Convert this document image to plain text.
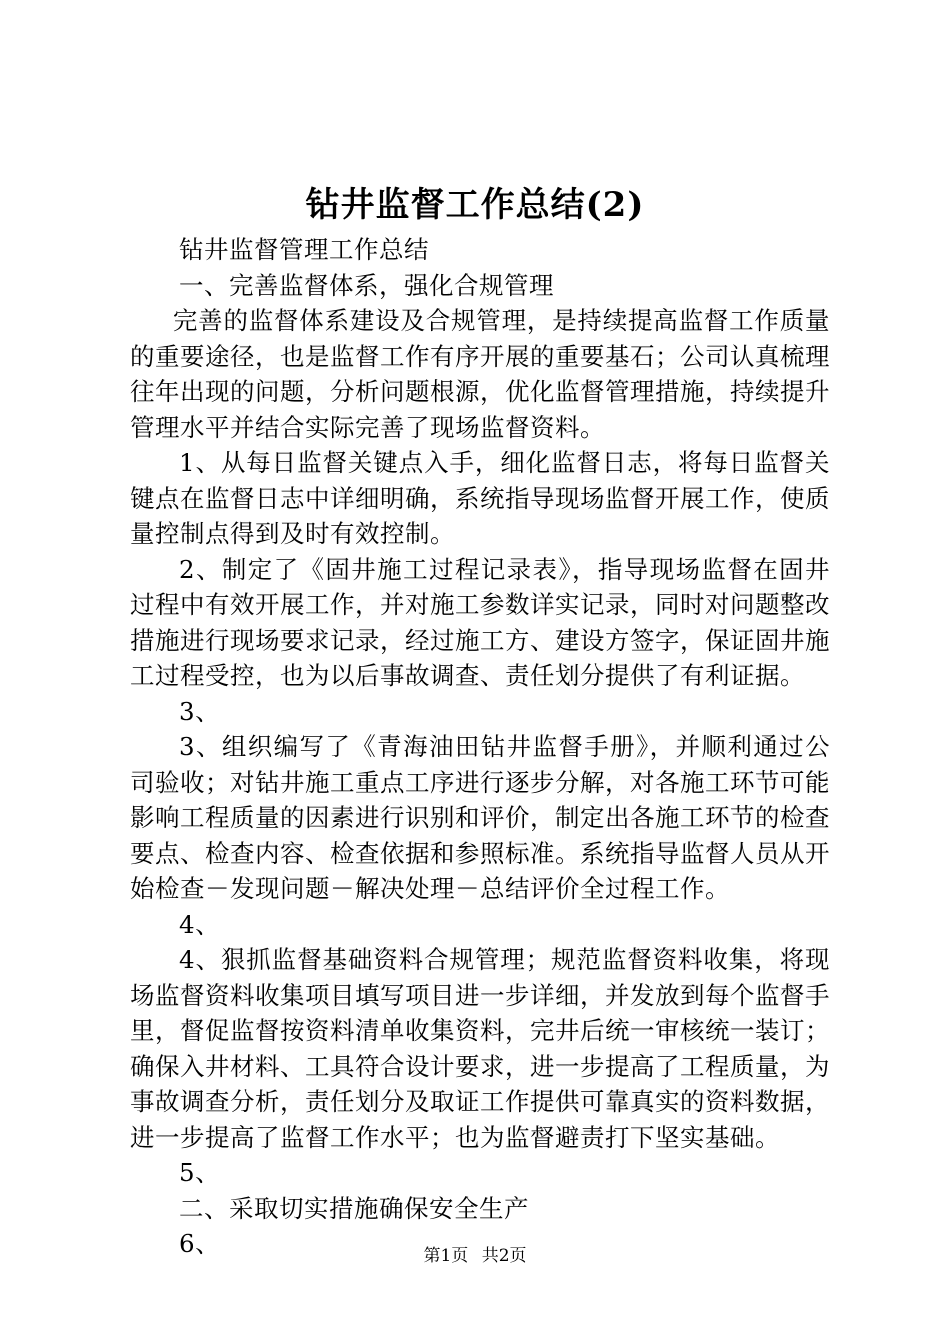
钻井监督工作总结(2)

钻井监督管理工作总结

一、完善监督体系，强化合规管理

完善的监督体系建设及合规管理，是持续提高监督工作质量的重要途径，也是监督工作有序开展的重要基石；公司认真梳理往年出现的问题，分析问题根源，优化监督管理措施，持续提升管理水平并结合实际完善了现场监督资料。

1、从每日监督关键点入手，细化监督日志，将每日监督关键点在监督日志中详细明确，系统指导现场监督开展工作，使质量控制点得到及时有效控制。

2、制定了《固井施工过程记录表》，指导现场监督在固井过程中有效开展工作，并对施工参数详实记录，同时对问题整改措施进行现场要求记录，经过施工方、建设方签字，保证固井施工过程受控，也为以后事故调查、责任划分提供了有利证据。

3、

3、组织编写了《青海油田钻井监督手册》，并顺利通过公司验收；对钻井施工重点工序进行逐步分解，对各施工环节可能影响工程质量的因素进行识别和评价，制定出各施工环节的检查要点、检查内容、检查依据和参照标准。系统指导监督人员从开始检查－发现问题－解决处理－总结评价全过程工作。

4、

4、狠抓监督基础资料合规管理；规范监督资料收集，将现场监督资料收集项目填写项目进一步详细，并发放到每个监督手里，督促监督按资料清单收集资料，完井后统一审核统一装订；确保入井材料、工具符合设计要求，进一步提高了工程质量，为事故调查分析，责任划分及取证工作提供可靠真实的资料数据，进一步提高了监督工作水平；也为监督避责打下坚实基础。

5、

二、采取切实措施确保安全生产

6、	第1页 共2页
